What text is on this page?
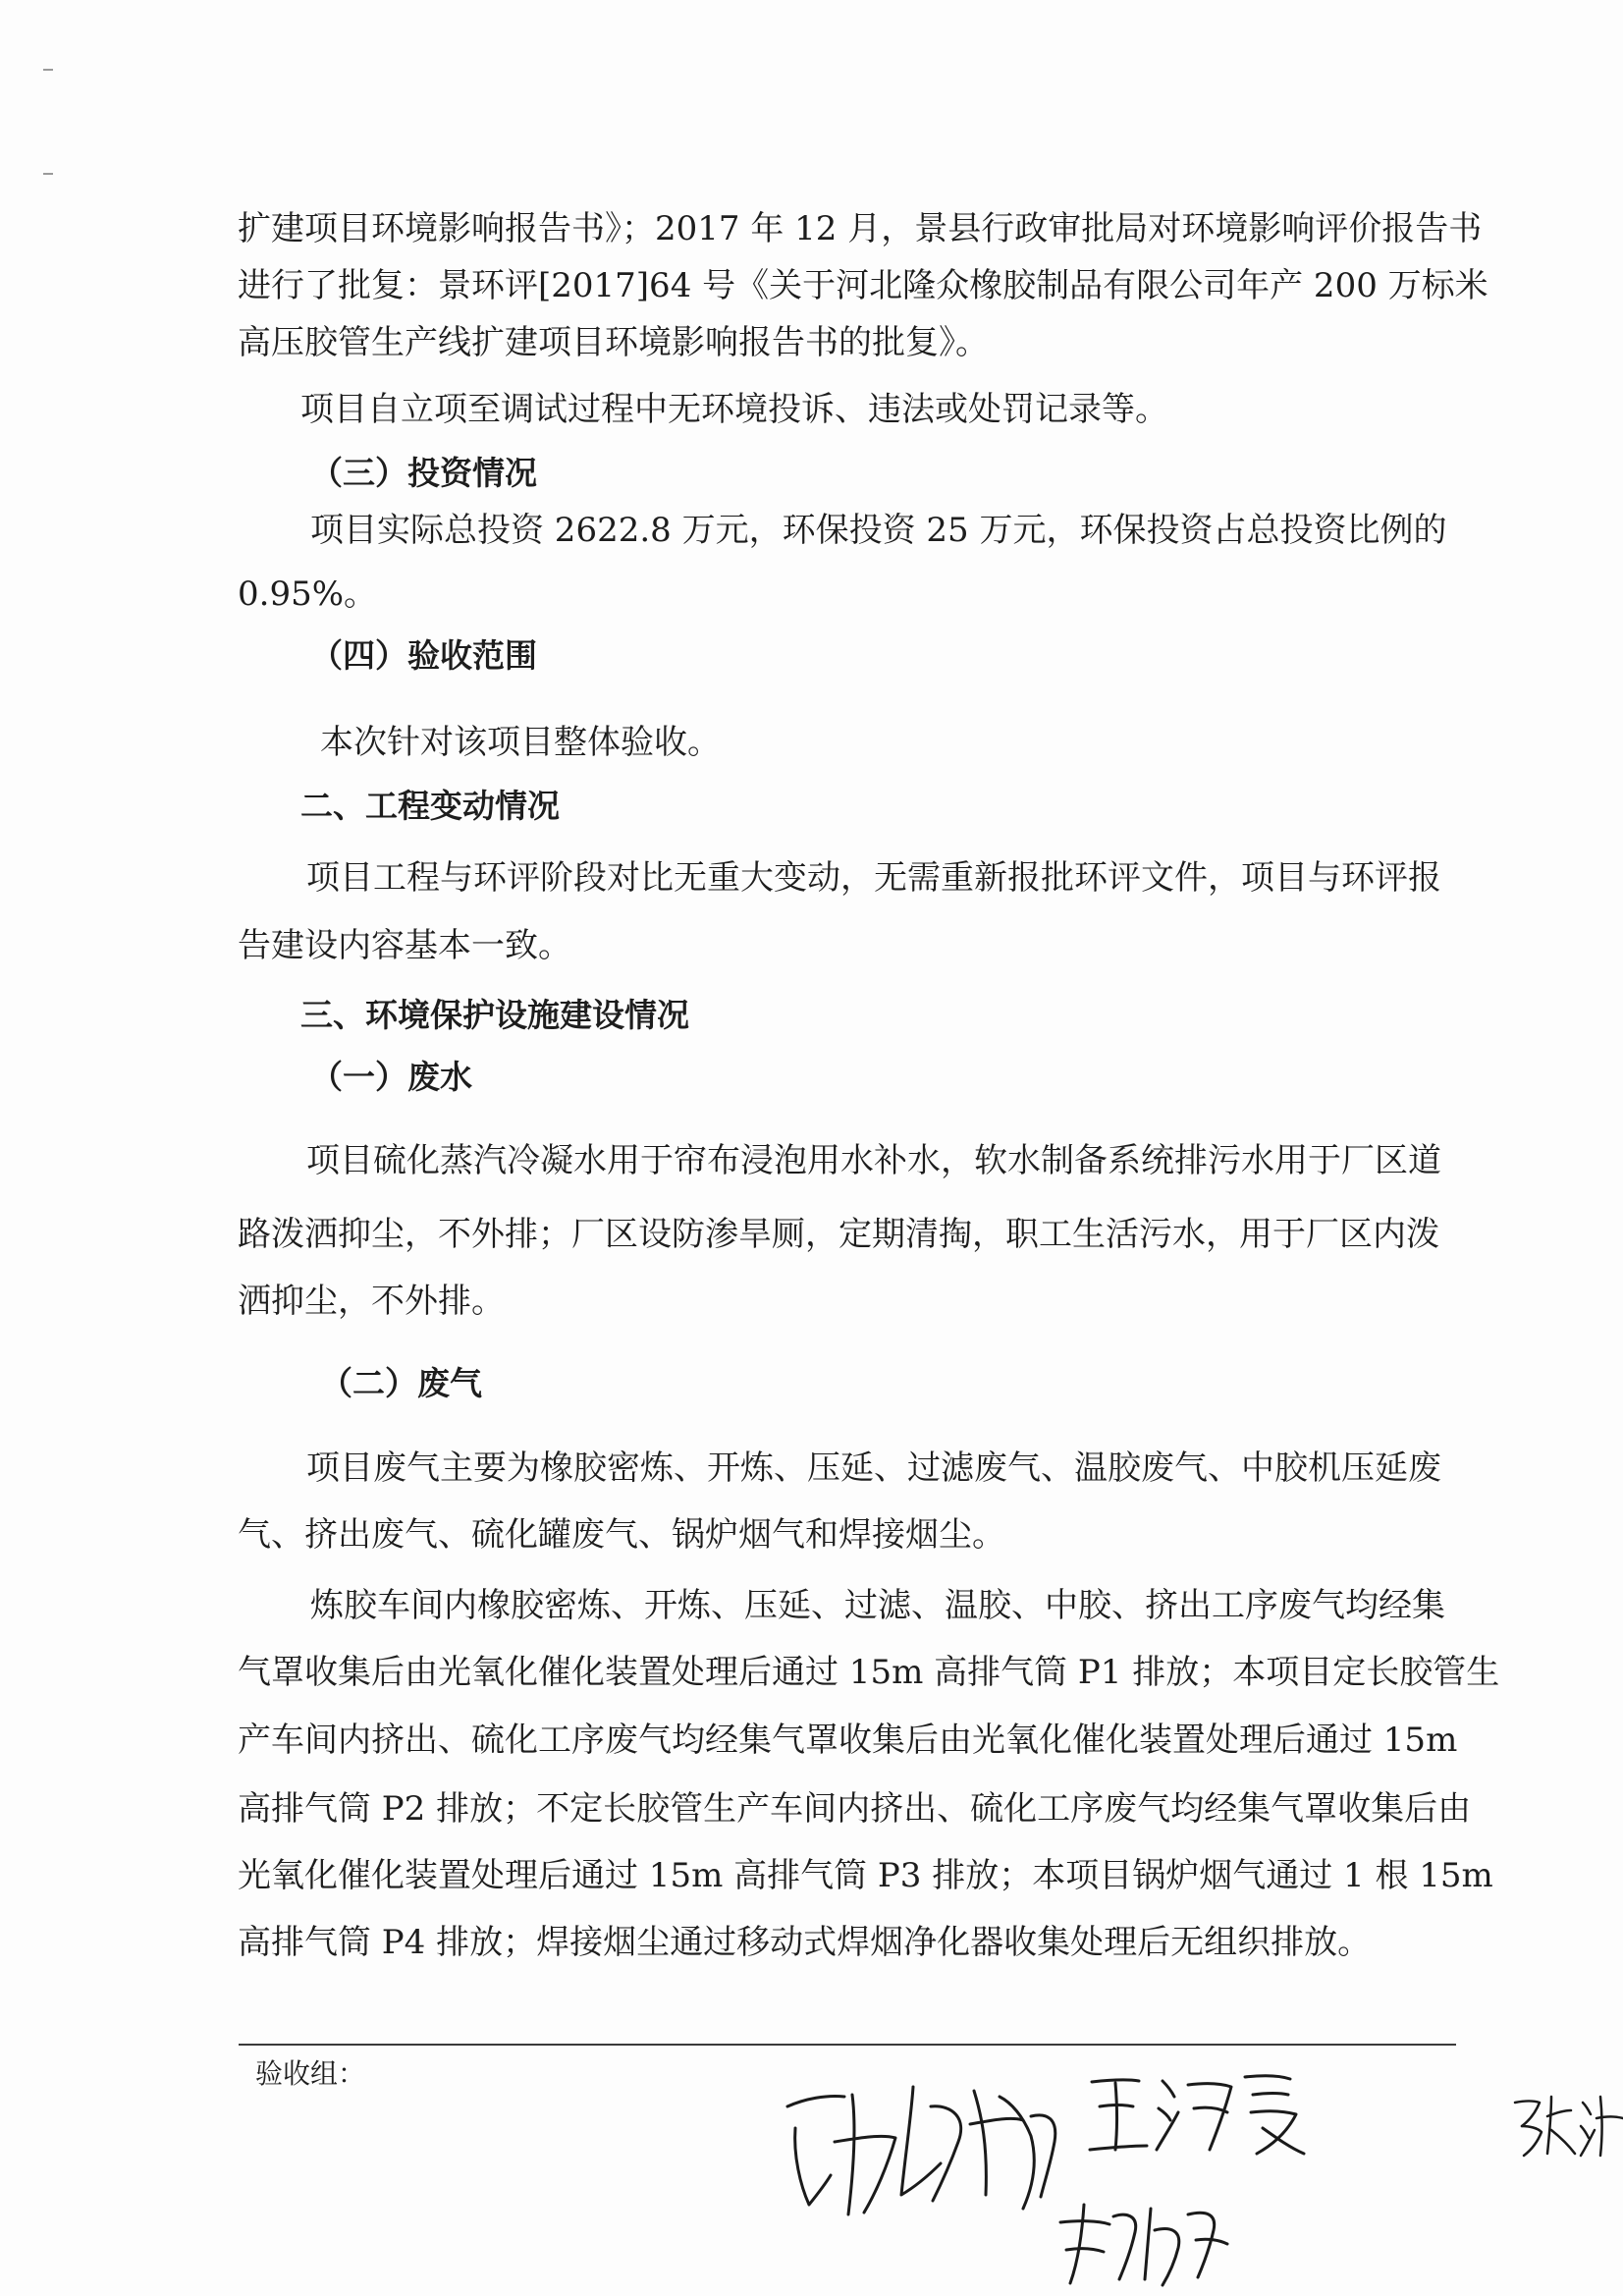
扩建项目环境影响报告书》；2017 年 12 月，景县行政审批局对环境影响评价报告书
进行了批复：景环评[2017]64 号《关于河北隆众橡胶制品有限公司年产 200 万标米
高压胶管生产线扩建项目环境影响报告书的批复》。
项目自立项至调试过程中无环境投诉、违法或处罚记录等。
（三）投资情况
项目实际总投资 2622.8 万元，环保投资 25 万元，环保投资占总投资比例的
0.95%。
（四）验收范围
本次针对该项目整体验收。
二、工程变动情况
项目工程与环评阶段对比无重大变动，无需重新报批环评文件，项目与环评报
告建设内容基本一致。
三、环境保护设施建设情况
（一）废水
项目硫化蒸汽冷凝水用于帘布浸泡用水补水，软水制备系统排污水用于厂区道
路泼洒抑尘，不外排；厂区设防渗旱厕，定期清掏，职工生活污水，用于厂区内泼
洒抑尘，不外排。
（二）废气
项目废气主要为橡胶密炼、开炼、压延、过滤废气、温胶废气、中胶机压延废
气、挤出废气、硫化罐废气、锅炉烟气和焊接烟尘。
炼胶车间内橡胶密炼、开炼、压延、过滤、温胶、中胶、挤出工序废气均经集
气罩收集后由光氧化催化装置处理后通过 15m 高排气筒 P1 排放；本项目定长胶管生
产车间内挤出、硫化工序废气均经集气罩收集后由光氧化催化装置处理后通过 15m
高排气筒 P2 排放；不定长胶管生产车间内挤出、硫化工序废气均经集气罩收集后由
光氧化催化装置处理后通过 15m 高排气筒 P3 排放；本项目锅炉烟气通过 1 根 15m
高排气筒 P4 排放；焊接烟尘通过移动式焊烟净化器收集处理后无组织排放。
验收组：
